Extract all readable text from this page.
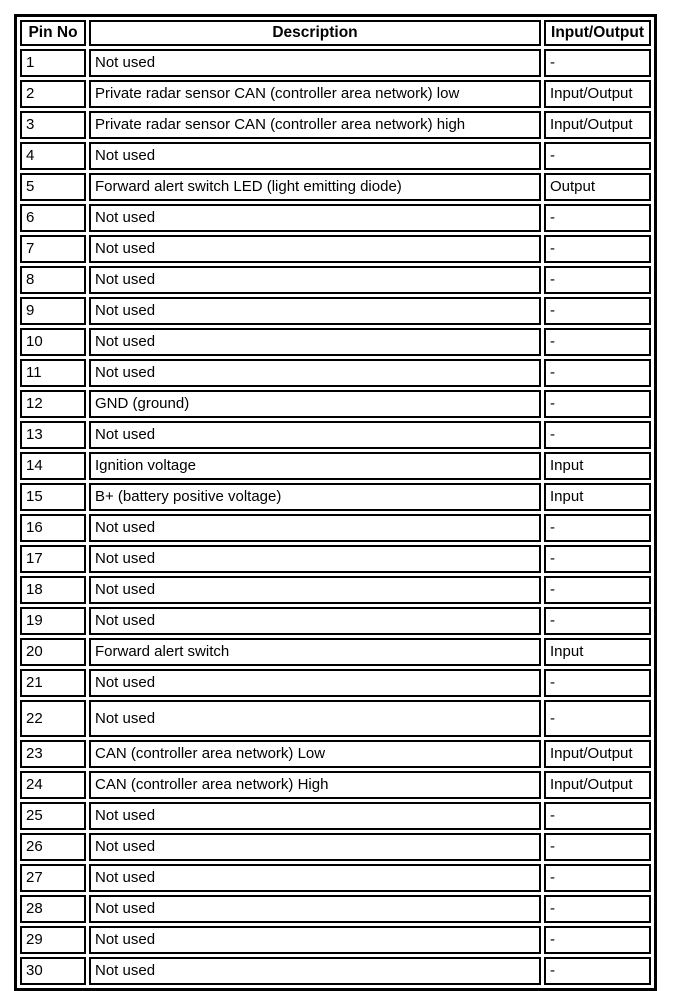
Pin No	Description	Input/Output
1	Not used	-
2	Private radar sensor CAN (controller area network) low	Input/Output
3	Private radar sensor CAN (controller area network) high	Input/Output
4	Not used	-
5	Forward alert switch LED (light emitting diode)	Output
6	Not used	-
7	Not used	-
8	Not used	-
9	Not used	-
10	Not used	-
11	Not used	-
12	GND (ground)	-
13	Not used	-
14	Ignition voltage	Input
15	B+ (battery positive voltage)	Input
16	Not used	-
17	Not used	-
18	Not used	-
19	Not used	-
20	Forward alert switch	Input
21	Not used	-
22	Not used	-
23	CAN (controller area network) Low	Input/Output
24	CAN (controller area network) High	Input/Output
25	Not used	-
26	Not used	-
27	Not used	-
28	Not used	-
29	Not used	-
30	Not used	-
